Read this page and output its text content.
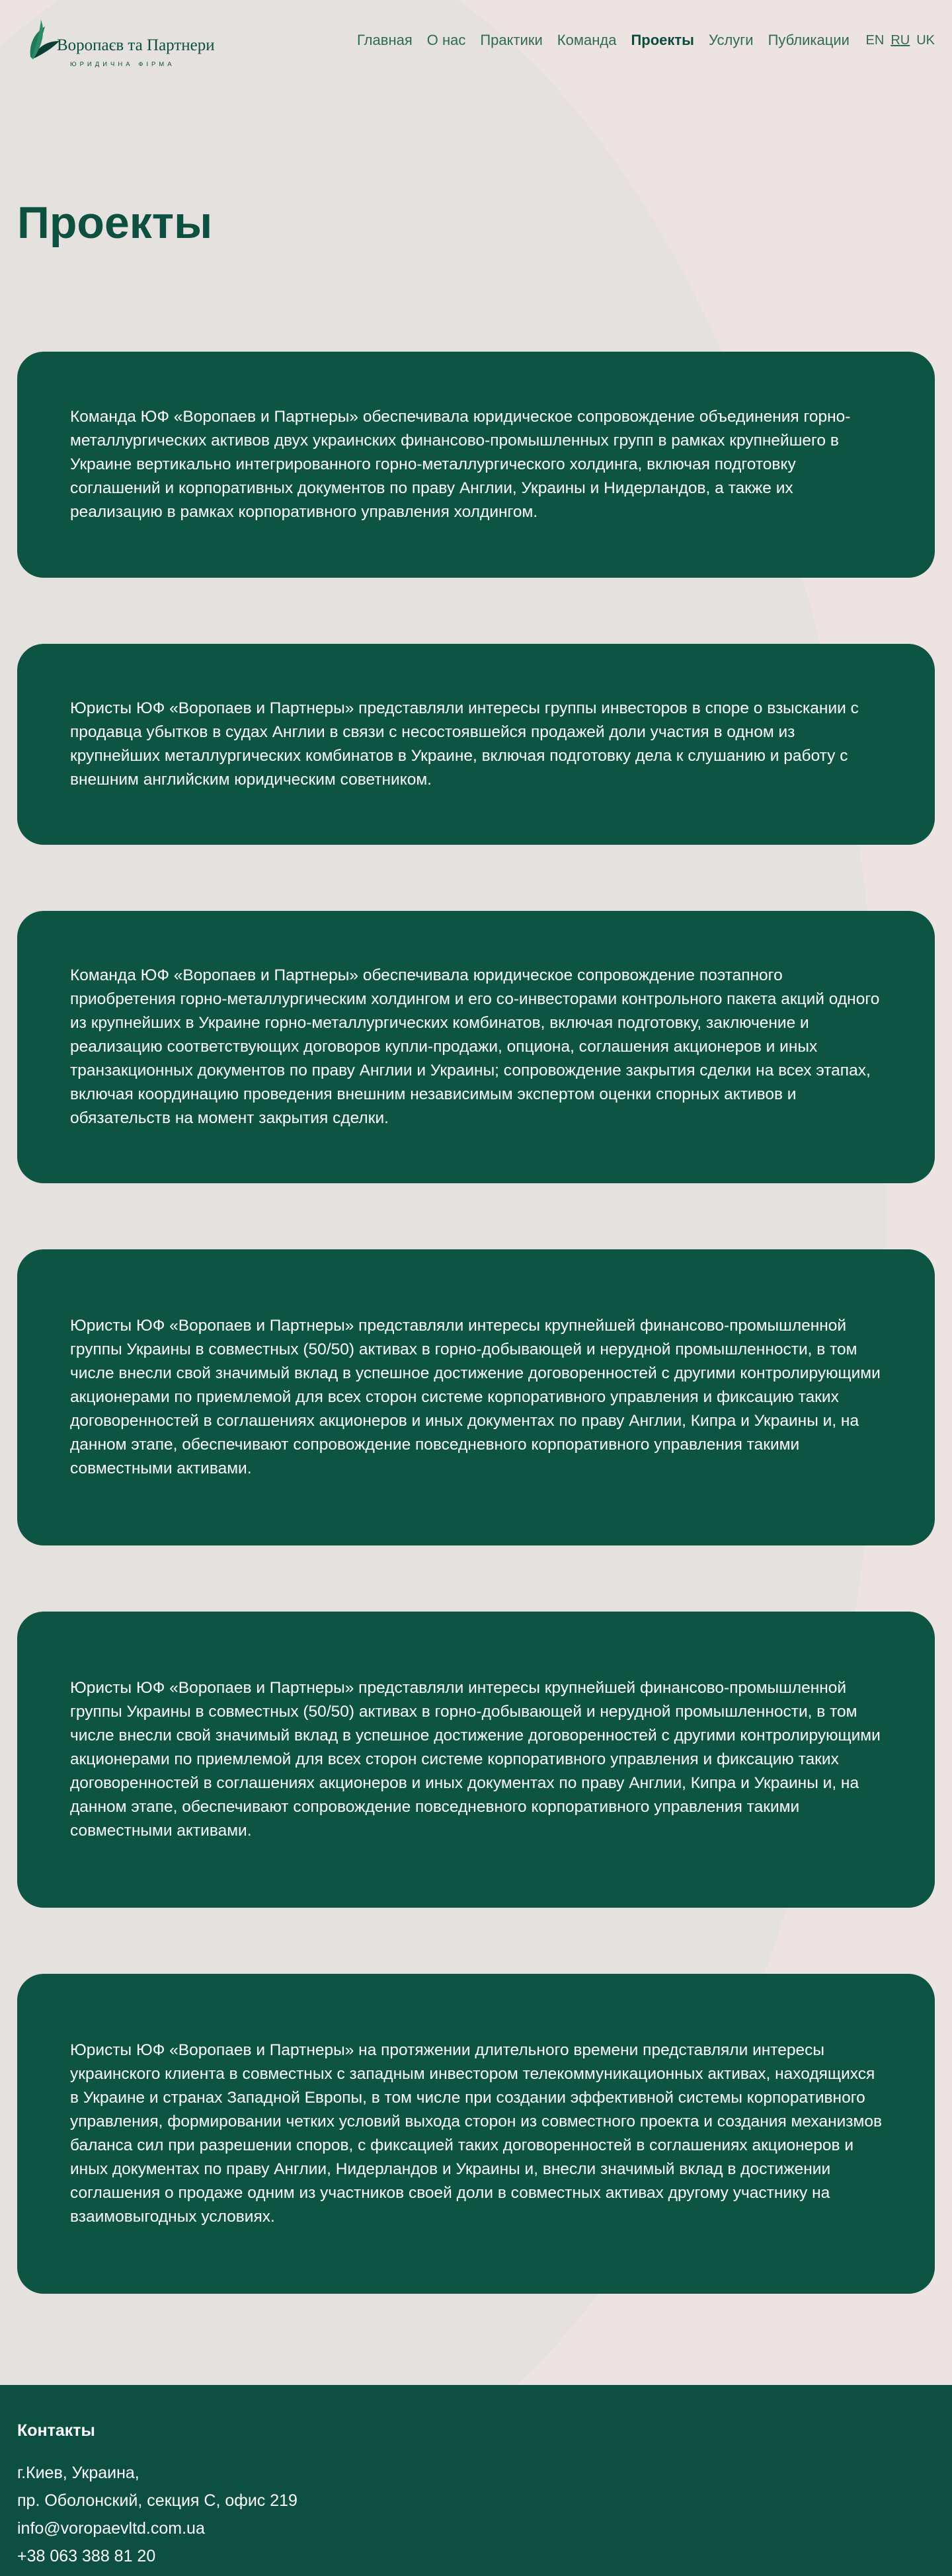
Воропаєв та Партнери
ЮРИДИЧНА ФІРМА
Главная О нас Практики Команда Проекты Услуги Публикации EN RU UK
Проекты

Команда ЮФ «Воропаев и Партнеры» обеспечивала юридическое сопровождение объединения горно-металлургических активов двух украинских финансово-промышленных групп в рамках крупнейшего в Украине вертикально интегрированного горно-металлургического холдинга, включая подготовку соглашений и корпоративных документов по праву Англии, Украины и Нидерландов, а также их реализацию в рамках корпоративного управления холдингом.

Юристы ЮФ «Воропаев и Партнеры» представляли интересы группы инвесторов в споре о взыскании с продавца убытков в судах Англии в связи с несостоявшейся продажей доли участия в одном из крупнейших металлургических комбинатов в Украине, включая подготовку дела к слушанию и работу с внешним английским юридическим советником.

Команда ЮФ «Воропаев и Партнеры» обеспечивала юридическое сопровождение поэтапного приобретения горно-металлургическим холдингом и его со-инвесторами контрольного пакета акций одного из крупнейших в Украине горно-металлургических комбинатов, включая подготовку, заключение и реализацию соответствующих договоров купли-продажи, опциона, соглашения акционеров и иных транзакционных документов по праву Англии и Украины; сопровождение закрытия сделки на всех этапах, включая координацию проведения внешним независимым экспертом оценки спорных активов и обязательств на момент закрытия сделки.

Юристы ЮФ «Воропаев и Партнеры» представляли интересы крупнейшей финансово-промышленной группы Украины в совместных (50/50) активах в горно-добывающей и нерудной промышленности, в том числе внесли свой значимый вклад в успешное достижение договоренностей с другими контролирующими акционерами по приемлемой для всех сторон системе корпоративного управления и фиксацию таких договоренностей в соглашениях акционеров и иных документах по праву Англии, Кипра и Украины и, на данном этапе, обеспечивают сопровождение повседневного корпоративного управления такими совместными активами.

Юристы ЮФ «Воропаев и Партнеры» представляли интересы крупнейшей финансово-промышленной группы Украины в совместных (50/50) активах в горно-добывающей и нерудной промышленности, в том числе внесли свой значимый вклад в успешное достижение договоренностей с другими контролирующими акционерами по приемлемой для всех сторон системе корпоративного управления и фиксацию таких договоренностей в соглашениях акционеров и иных документах по праву Англии, Кипра и Украины и, на данном этапе, обеспечивают сопровождение повседневного корпоративного управления такими совместными активами.

Юристы ЮФ «Воропаев и Партнеры» на протяжении длительного времени представляли интересы украинского клиента в совместных с западным инвестором телекоммуникационных активах, находящихся в Украине и странах Западной Европы, в том числе при создании эффективной системы корпоративного управления, формировании четких условий выхода сторон из совместного проекта и создания механизмов баланса сил при разрешении споров, с фиксацией таких договоренностей в соглашениях акционеров и иных документах по праву Англии, Нидерландов и Украины и, внесли значимый вклад в достижении соглашения о продаже одним из участников своей доли в совместных активах другому участнику на взаимовыгодных условиях.

Контакты
г.Киев, Украина,
пр. Оболонский, секция С, офис 219
info@voropaevltd.com.ua
+38 063 388 81 20
